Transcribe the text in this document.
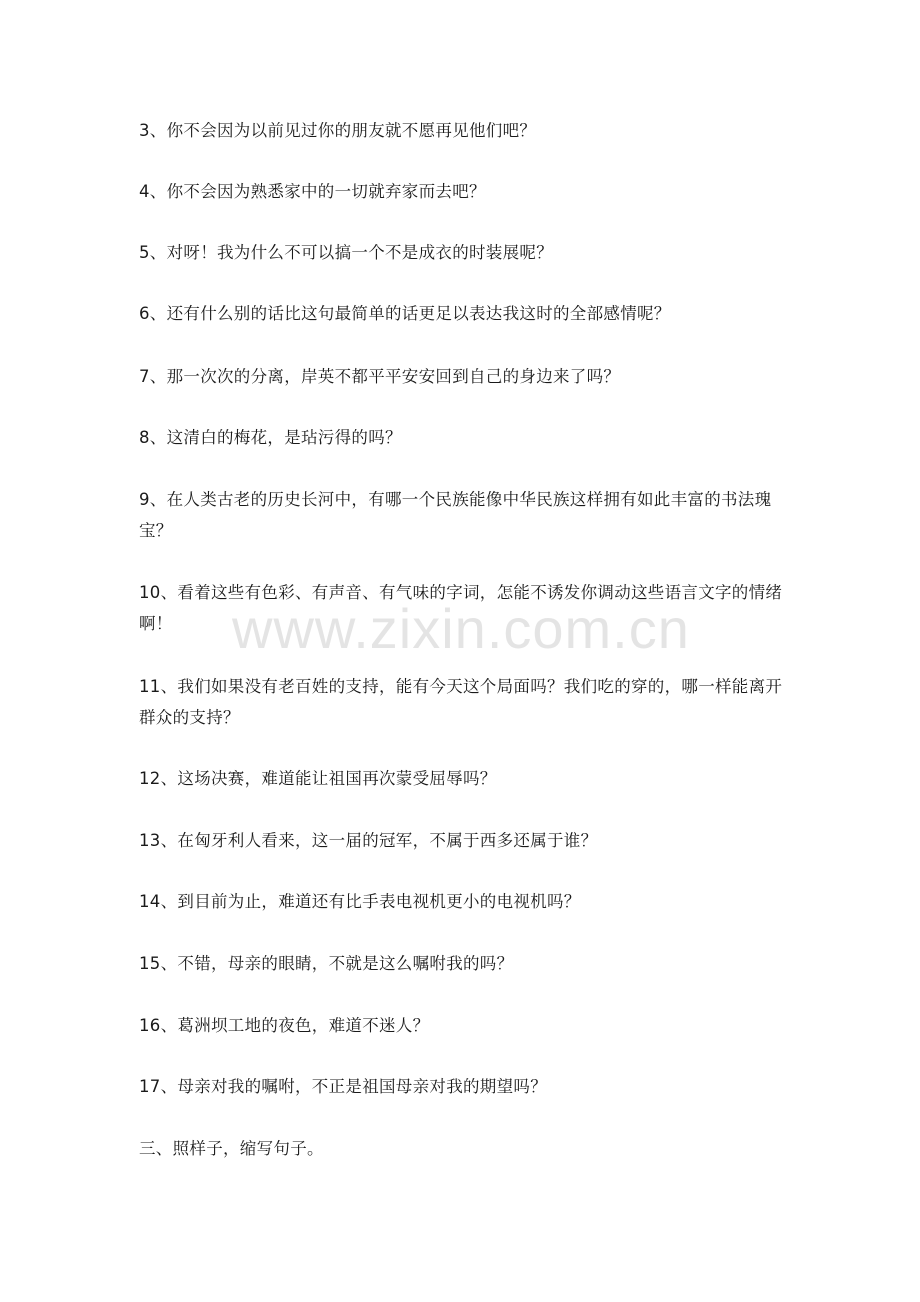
3、你不会因为以前见过你的朋友就不愿再见他们吧？

4、你不会因为熟悉家中的一切就弃家而去吧？

5、对呀！我为什么不可以搞一个不是成衣的时装展呢？

6、还有什么别的话比这句最简单的话更足以表达我这时的全部感情呢？

7、那一次次的分离，岸英不都平平安安回到自己的身边来了吗？

8、这清白的梅花，是玷污得的吗？

9、在人类古老的历史长河中，有哪一个民族能像中华民族这样拥有如此丰富的书法瑰宝？

10、看着这些有色彩、有声音、有气味的字词，怎能不诱发你调动这些语言文字的情绪啊！

11、我们如果没有老百姓的支持，能有今天这个局面吗？我们吃的穿的，哪一样能离开群众的支持？

12、这场决赛，难道能让祖国再次蒙受屈辱吗？

13、在匈牙利人看来，这一届的冠军，不属于西多还属于谁？

14、到目前为止，难道还有比手表电视机更小的电视机吗？

15、不错，母亲的眼睛，不就是这么嘱咐我的吗？

16、葛洲坝工地的夜色，难道不迷人？

17、母亲对我的嘱咐，不正是祖国母亲对我的期望吗？

三、照样子，缩写句子。

www.zixin.com.cn
